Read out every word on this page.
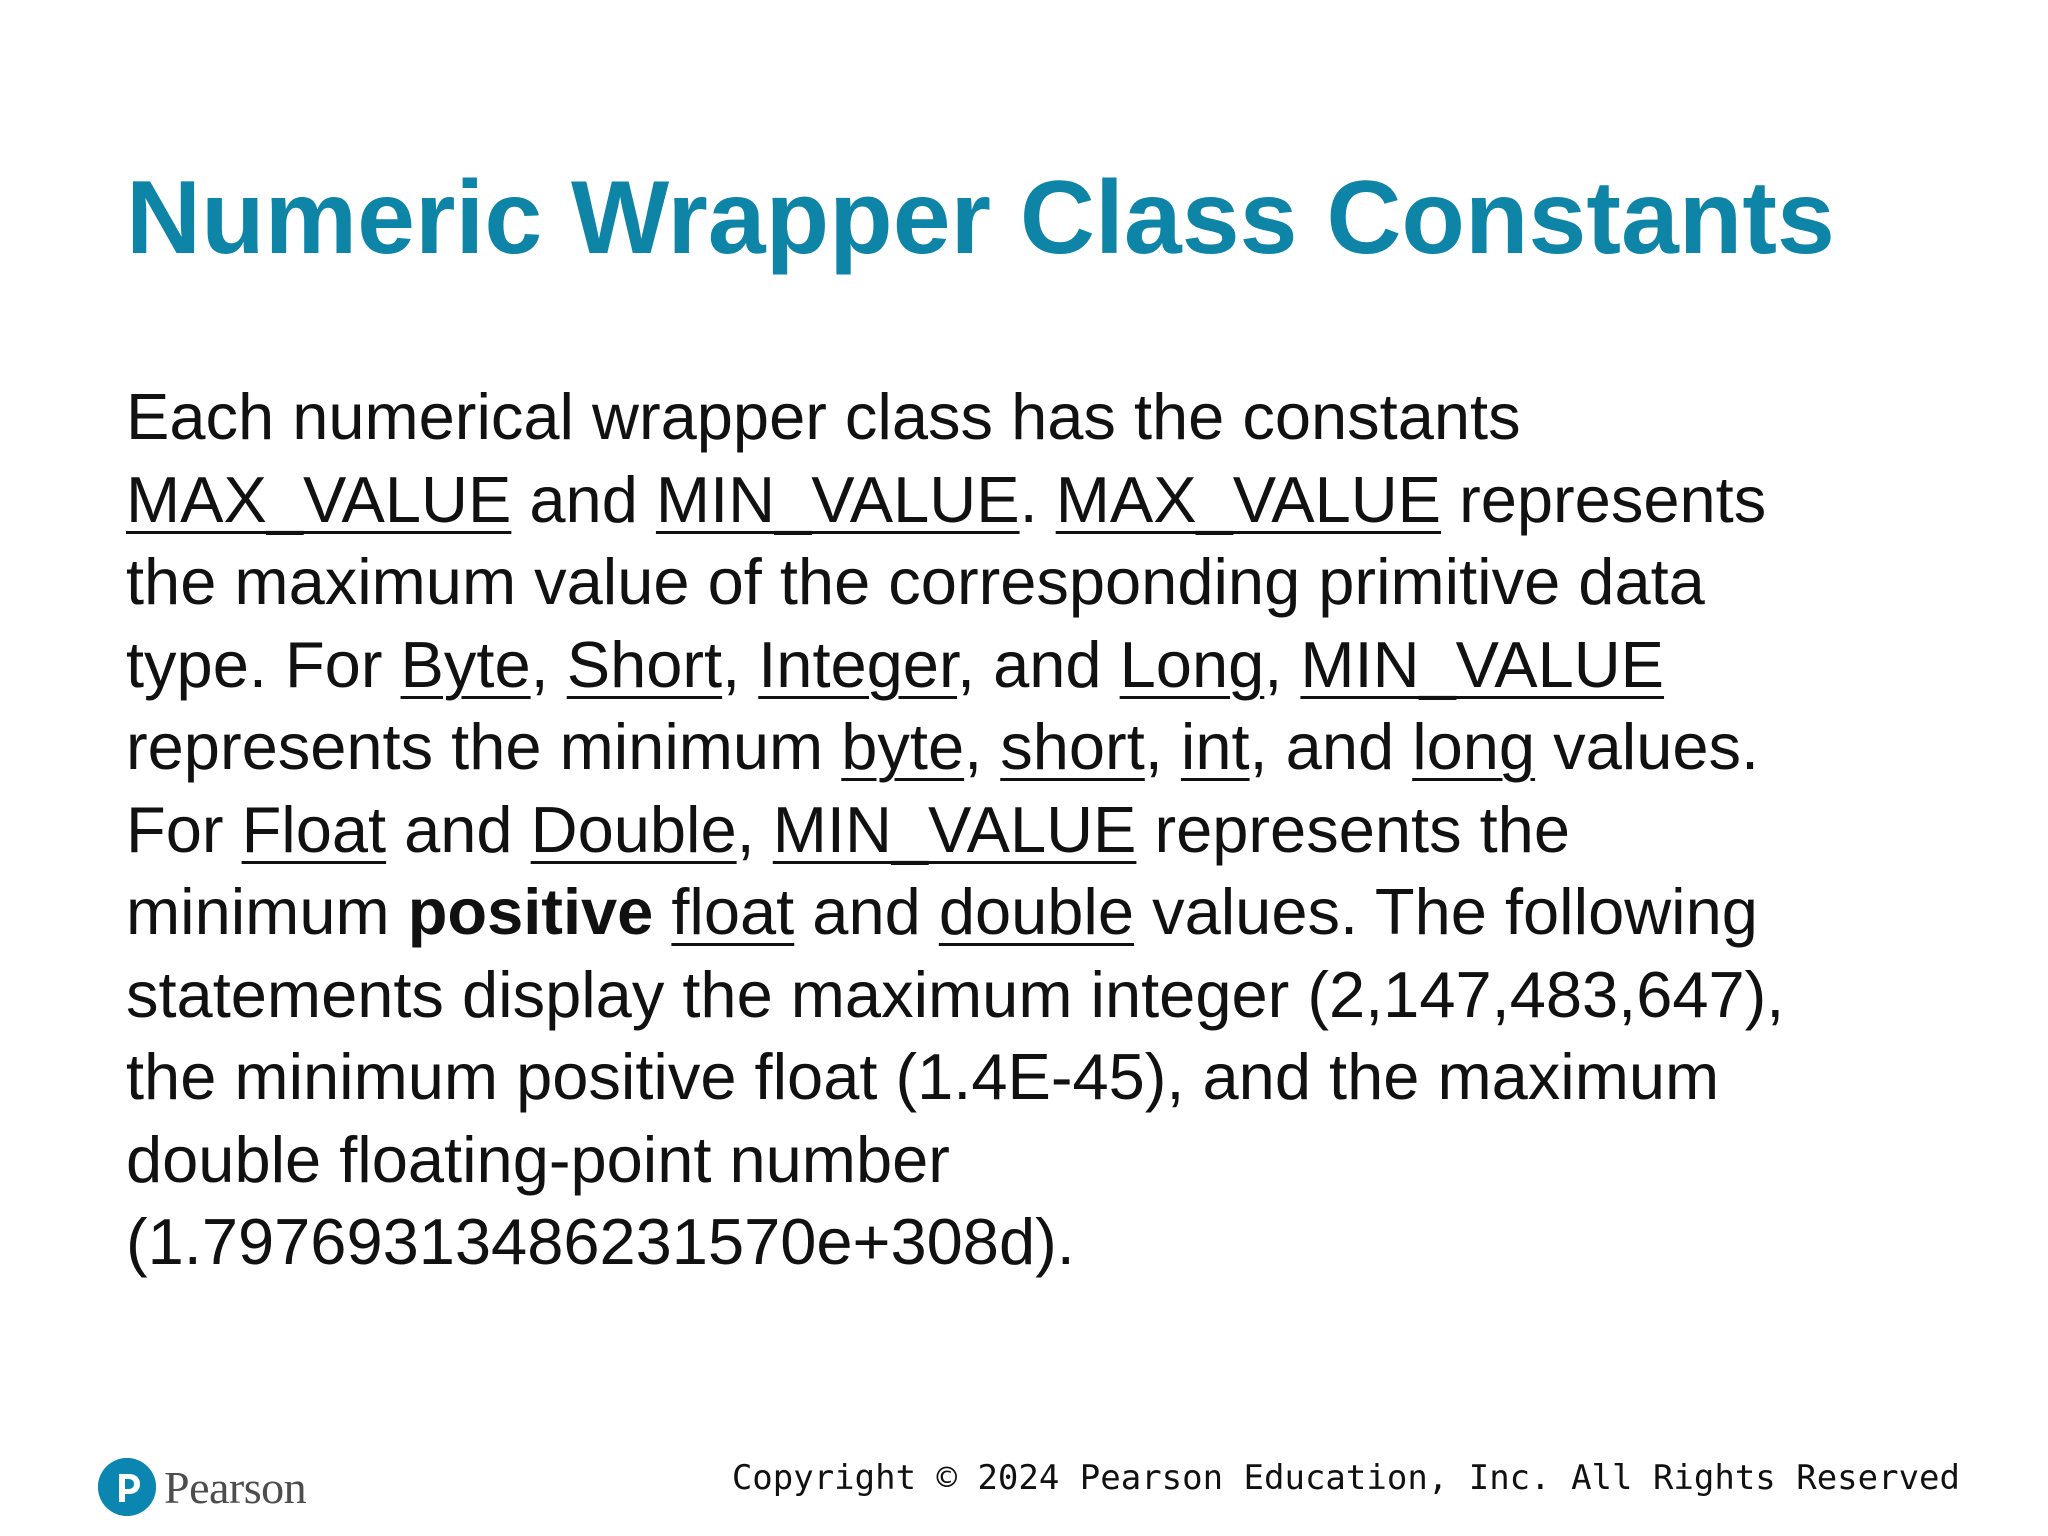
Numeric Wrapper Class Constants
Each numerical wrapper class has the constants
MAX_VALUE and MIN_VALUE. MAX_VALUE represents
the maximum value of the corresponding primitive data
type. For Byte, Short, Integer, and Long, MIN_VALUE
represents the minimum byte, short, int, and long values.
For Float and Double, MIN_VALUE represents the
minimum positive float and double values. The following
statements display the maximum integer (2,147,483,647),
the minimum positive float (1.4E-45), and the maximum
double floating-point number
(1.79769313486231570e+308d).
Pearson	Copyright © 2024 Pearson Education, Inc. All Rights Reserved
